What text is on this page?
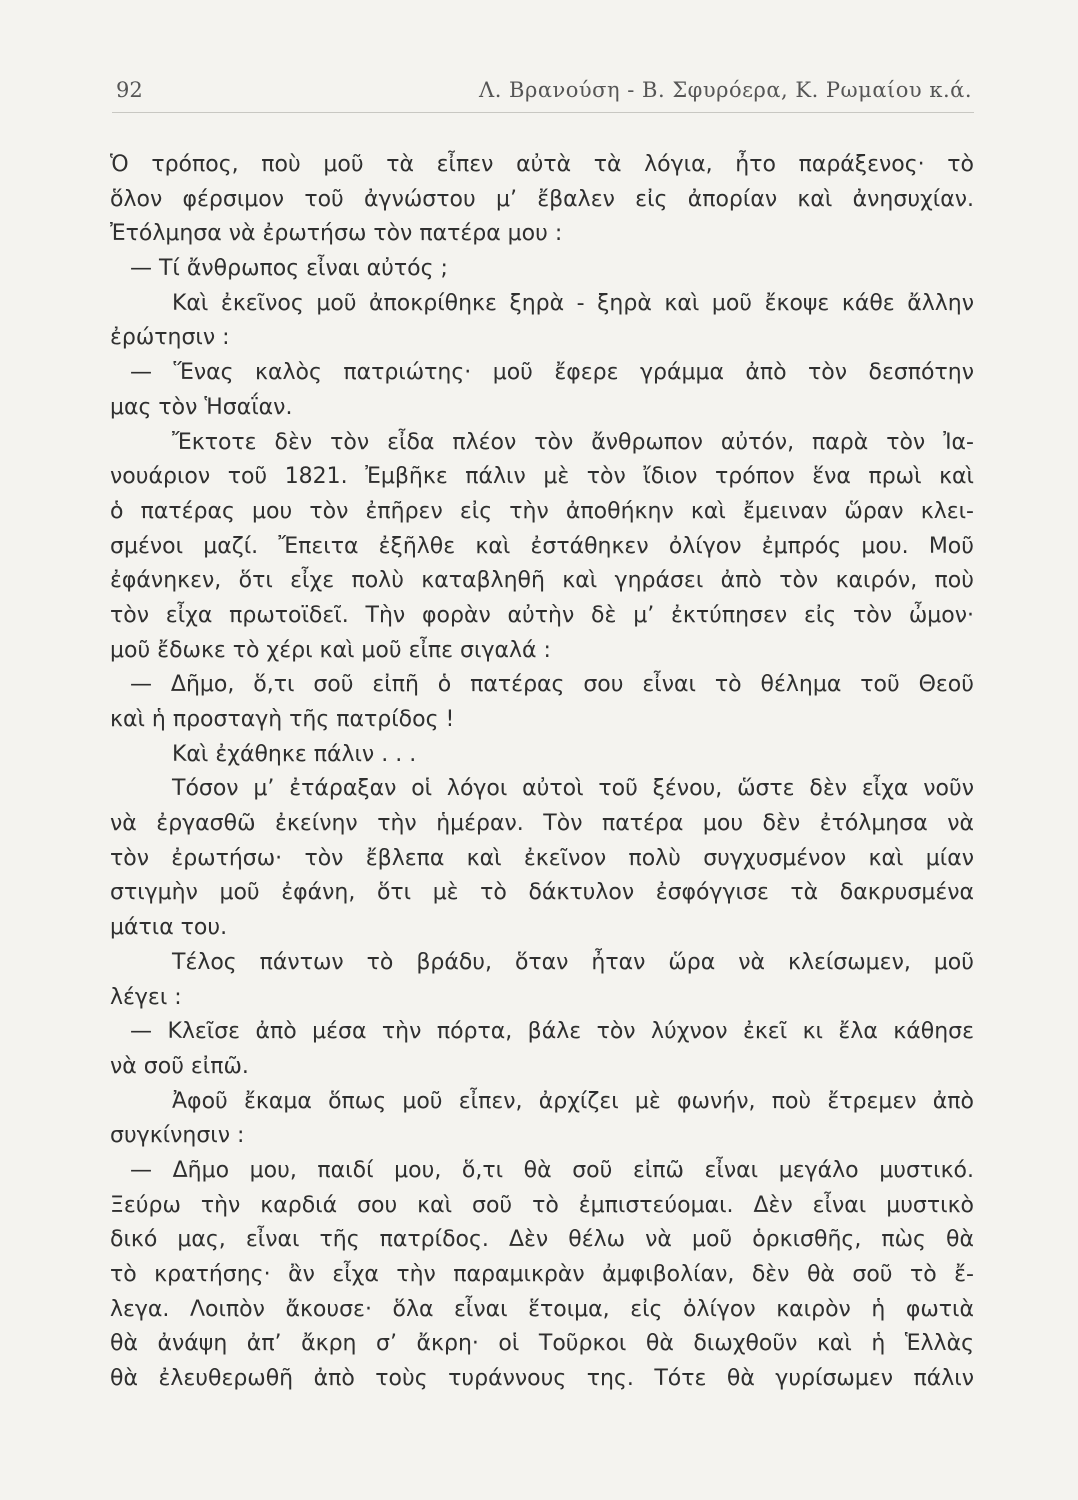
92	Λ. Βρανούση - Β. Σφυρόερα, Κ. Ρωμαίου κ.ά.
Ὁ τρόπος, ποὺ μοῦ τὰ εἶπεν αὐτὰ τὰ λόγια, ἦτο παράξενος· τὸ
ὅλον φέρσιμον τοῦ ἀγνώστου μ’ ἔβαλεν εἰς ἀπορίαν καὶ ἀνησυχίαν.
Ἐτόλμησα νὰ ἐρωτήσω τὸν πατέρα μου :
— Τί ἄνθρωπος εἶναι αὐτός ;
Καὶ ἐκεῖνος μοῦ ἀποκρίθηκε ξηρὰ - ξηρὰ καὶ μοῦ ἔκοψε κάθε ἄλλην
ἐρώτησιν :
— Ἕνας καλὸς πατριώτης· μοῦ ἔφερε γράμμα ἀπὸ τὸν δεσπότην
μας τὸν Ἡσαΐαν.
Ἔκτοτε δὲν τὸν εἶδα πλέον τὸν ἄνθρωπον αὐτόν, παρὰ τὸν Ἰα-
νουάριον τοῦ 1821. Ἐμβῆκε πάλιν μὲ τὸν ἴδιον τρόπον ἕνα πρωὶ καὶ
ὁ πατέρας μου τὸν ἐπῆρεν εἰς τὴν ἀποθήκην καὶ ἔμειναν ὥραν κλει-
σμένοι μαζί. Ἔπειτα ἐξῆλθε καὶ ἐστάθηκεν ὀλίγον ἐμπρός μου. Μοῦ
ἐφάνηκεν, ὅτι εἶχε πολὺ καταβληθῆ καὶ γηράσει ἀπὸ τὸν καιρόν, ποὺ
τὸν εἶχα πρωτοϊδεῖ. Τὴν φορὰν αὐτὴν δὲ μ’ ἐκτύπησεν εἰς τὸν ὦμον·
μοῦ ἔδωκε τὸ χέρι καὶ μοῦ εἶπε σιγαλά :
— Δῆμο, ὅ,τι σοῦ εἰπῆ ὁ πατέρας σου εἶναι τὸ θέλημα τοῦ Θεοῦ
καὶ ἡ προσταγὴ τῆς πατρίδος !
Καὶ ἐχάθηκε πάλιν . . .
Τόσον μ’ ἐτάραξαν οἱ λόγοι αὐτοὶ τοῦ ξένου, ὥστε δὲν εἶχα νοῦν
νὰ ἐργασθῶ ἐκείνην τὴν ἡμέραν. Τὸν πατέρα μου δὲν ἐτόλμησα νὰ
τὸν ἐρωτήσω· τὸν ἔβλεπα καὶ ἐκεῖνον πολὺ συγχυσμένον καὶ μίαν
στιγμὴν μοῦ ἐφάνη, ὅτι μὲ τὸ δάκτυλον ἐσφόγγισε τὰ δακρυσμένα
μάτια του.
Τέλος πάντων τὸ βράδυ, ὅταν ἦταν ὥρα νὰ κλείσωμεν, μοῦ
λέγει :
— Κλεῖσε ἀπὸ μέσα τὴν πόρτα, βάλε τὸν λύχνον ἐκεῖ κι ἔλα κάθησε
νὰ σοῦ εἰπῶ.
Ἀφοῦ ἔκαμα ὅπως μοῦ εἶπεν, ἀρχίζει μὲ φωνήν, ποὺ ἔτρεμεν ἀπὸ
συγκίνησιν :
— Δῆμο μου, παιδί μου, ὅ,τι θὰ σοῦ εἰπῶ εἶναι μεγάλο μυστικό.
Ξεύρω τὴν καρδιά σου καὶ σοῦ τὸ ἐμπιστεύομαι. Δὲν εἶναι μυστικὸ
δικό μας, εἶναι τῆς πατρίδος. Δὲν θέλω νὰ μοῦ ὁρκισθῆς, πὼς θὰ
τὸ κρατήσης· ἂν εἶχα τὴν παραμικρὰν ἀμφιβολίαν, δὲν θὰ σοῦ τὸ ἔ-
λεγα. Λοιπὸν ἄκουσε· ὅλα εἶναι ἕτοιμα, εἰς ὀλίγον καιρὸν ἡ φωτιὰ
θὰ ἀνάψη ἀπ’ ἄκρη σ’ ἄκρη· οἱ Τοῦρκοι θὰ διωχθοῦν καὶ ἡ Ἑλλὰς
θὰ ἐλευθερωθῆ ἀπὸ τοὺς τυράννους της. Τότε θὰ γυρίσωμεν πάλιν
